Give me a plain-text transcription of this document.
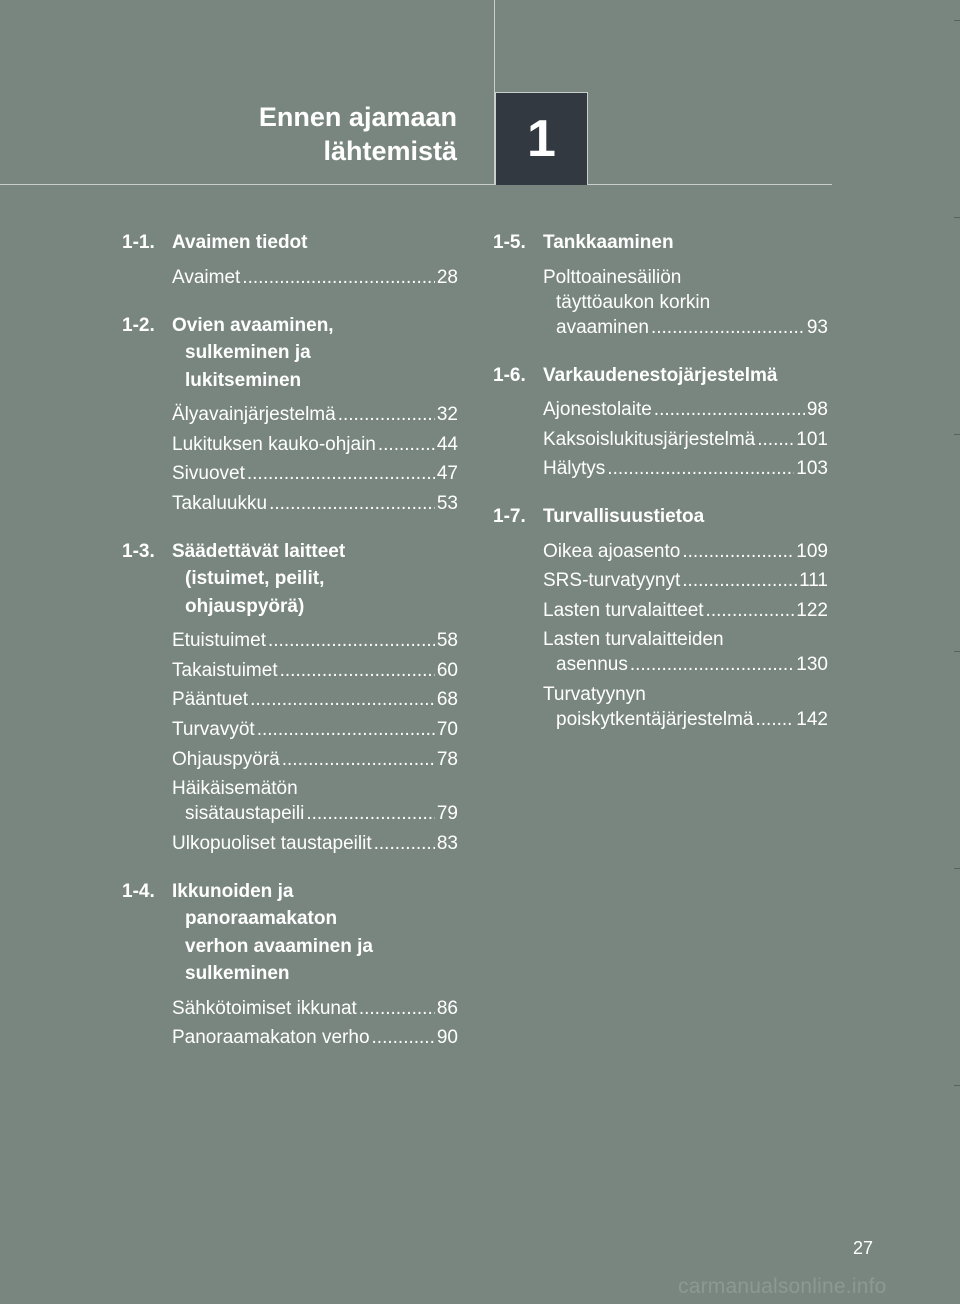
Ennen ajamaan
lähtemistä 1
1-1. Avaimen tiedot
Avaimet .....	28
1-2. Ovien avaaminen,
sulkeminen ja
lukitseminen
Älyavainjärjestelmä .....	32
Lukituksen kauko-ohjain .....	44
Sivuovet .....	47
Takaluukku .....	53
1-3. Säädettävät laitteet
(istuimet, peilit,
ohjauspyörä)
Etuistuimet .....	58
Takaistuimet .....	60
Pääntuet .....	68
Turvavyöt .....	70
Ohjauspyörä .....	78
Häikäisemätön
sisätaustapeili .....	79
Ulkopuoliset taustapeilit .....	83
1-4. Ikkunoiden ja
panoraamakaton
verhon avaaminen ja
sulkeminen
Sähkötoimiset ikkunat .....	86
Panoraamakaton verho .....	90
1-5. Tankkaaminen
Polttoainesäiliön
täyttöaukon korkin
avaaminen .....	93
1-6. Varkaudenestojärjestelmä
Ajonestolaite .....	98
Kaksoislukitusjärjestelmä ..... 101
Hälytys .....	103
1-7. Turvallisuustietoa
Oikea ajoasento .....	109
SRS-turvatyynyt .....	111
Lasten turvalaitteet .....	122
Lasten turvalaitteiden
asennus .....	130
Turvatyynyn
poiskytkentäjärjestelmä ..... 142
27
carmanualsonline.info
